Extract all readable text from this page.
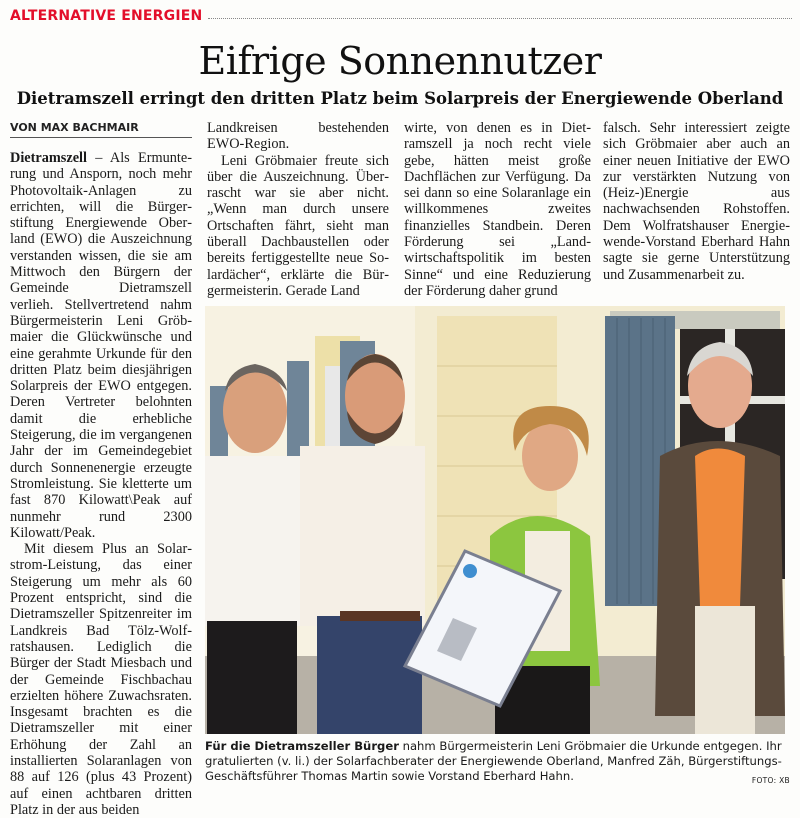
ALTERNATIVE ENERGIEN
Eifrige Sonnennutzer
Dietramszell erringt den dritten Platz beim Solarpreis der Energiewende Oberland
VON MAX BACHMAIR

Dietramszell – Als Ermunterung und Ansporn, noch mehr Photovoltaik-Anlagen zu errichten, will die Bürgerstiftung Energiewende Oberland (EWO) die Auszeichnung verstanden wissen, die sie am Mittwoch den Bürgern der Gemeinde Dietramszell verlieh. Stellvertretend nahm Bürgermeisterin Leni Gröbmaier die Glückwünsche und eine gerahmte Urkunde für den dritten Platz beim diesjährigen Solarpreis der EWO entgegen. Deren Vertreter belohnten damit die erhebliche Steigerung, die im vergangenen Jahr der im Gemeindegebiet durch Sonnenenergie erzeugte Stromleistung. Sie kletterte um fast 870 Kilowatt\Peak auf nunmehr rund 2300 Kilowatt/Peak.

Mit diesem Plus an Solarstrom-Leistung, das einer Steigerung um mehr als 60 Prozent entspricht, sind die Dietramszeller Spitzenreiter im Landkreis Bad Tölz-Wolfratshausen. Lediglich die Bürger der Stadt Miesbach und der Gemeinde Fischbachau erzielten höhere Zuwachsraten. Insgesamt brachten es die Dietramszeller mit einer Erhöhung der Zahl an installierten Solaranlagen von 88 auf 126 (plus 43 Prozent) auf einen achtbaren dritten Platz in der aus beiden

Landkreisen bestehenden EWO-Region.

Leni Gröbmaier freute sich über die Auszeichnung. Überrascht war sie aber nicht. „Wenn man durch unsere Ortschaften fährt, sieht man überall Dachbaustellen oder bereits fertiggestellte neue Solardächer“, erklärte die Bürgermeisterin. Gerade Land

wirte, von denen es in Dietramszell ja noch recht viele gebe, hätten meist große Dachflächen zur Verfügung. Da sei dann so eine Solaranlage ein willkommenes zweites finanzielles Standbein. Deren Förderung sei „Landwirtschaftspolitik im besten Sinne“ und eine Reduzierung der Förderung daher grund

falsch. Sehr interessiert zeigte sich Gröbmaier aber auch an einer neuen Initiative der EWO zur verstärkten Nutzung von (Heiz-)Energie aus nachwachsenden Rohstoffen. Dem Wolfratshauser Energiewende-Vorstand Eberhard Hahn sagte sie gerne Unterstützung und Zusammenarbeit zu.

Für die Dietramszeller Bürger nahm Bürgermeisterin Leni Gröbmaier die Urkunde entgegen. Ihr gratulierten (v. li.) der Solarfachberater der Energiewende Oberland, Manfred Zäh, Bürgerstiftungs-Geschäftsführer Thomas Martin sowie Vorstand Eberhard Hahn.	FOTO: XB
